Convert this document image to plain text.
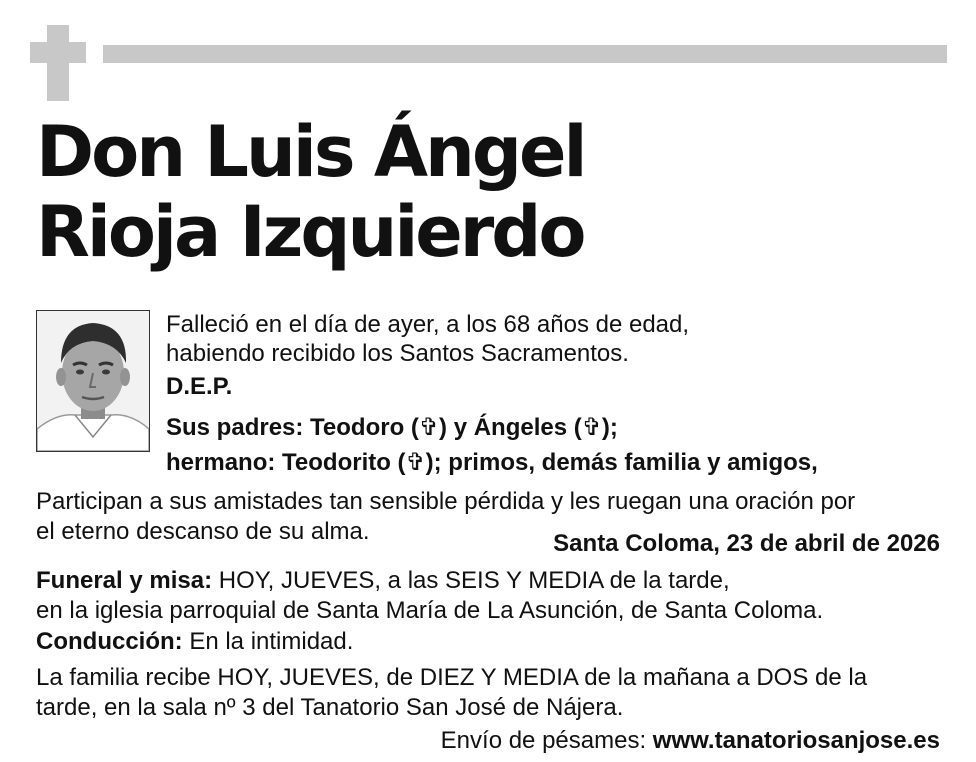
Don Luis Ángel
Rioja Izquierdo

Falleció en el día de ayer, a los 68 años de edad,
habiendo recibido los Santos Sacramentos.

D.E.P.

Sus padres: Teodoro (✞) y Ángeles (✞);
hermano: Teodorito (✞); primos, demás familia y amigos,

Participan a sus amistades tan sensible pérdida y les ruegan una oración por
el eterno descanso de su alma.	Santa Coloma, 23 de abril de 2026

Funeral y misa: HOY, JUEVES, a las SEIS Y MEDIA de la tarde,
en la iglesia parroquial de Santa María de La Asunción, de Santa Coloma.

Conducción: En la intimidad.

La familia recibe HOY, JUEVES, de DIEZ Y MEDIA de la mañana a DOS de la
tarde, en la sala nº 3 del Tanatorio San José de Nájera.

Envío de pésames: www.tanatoriosanjose.es
